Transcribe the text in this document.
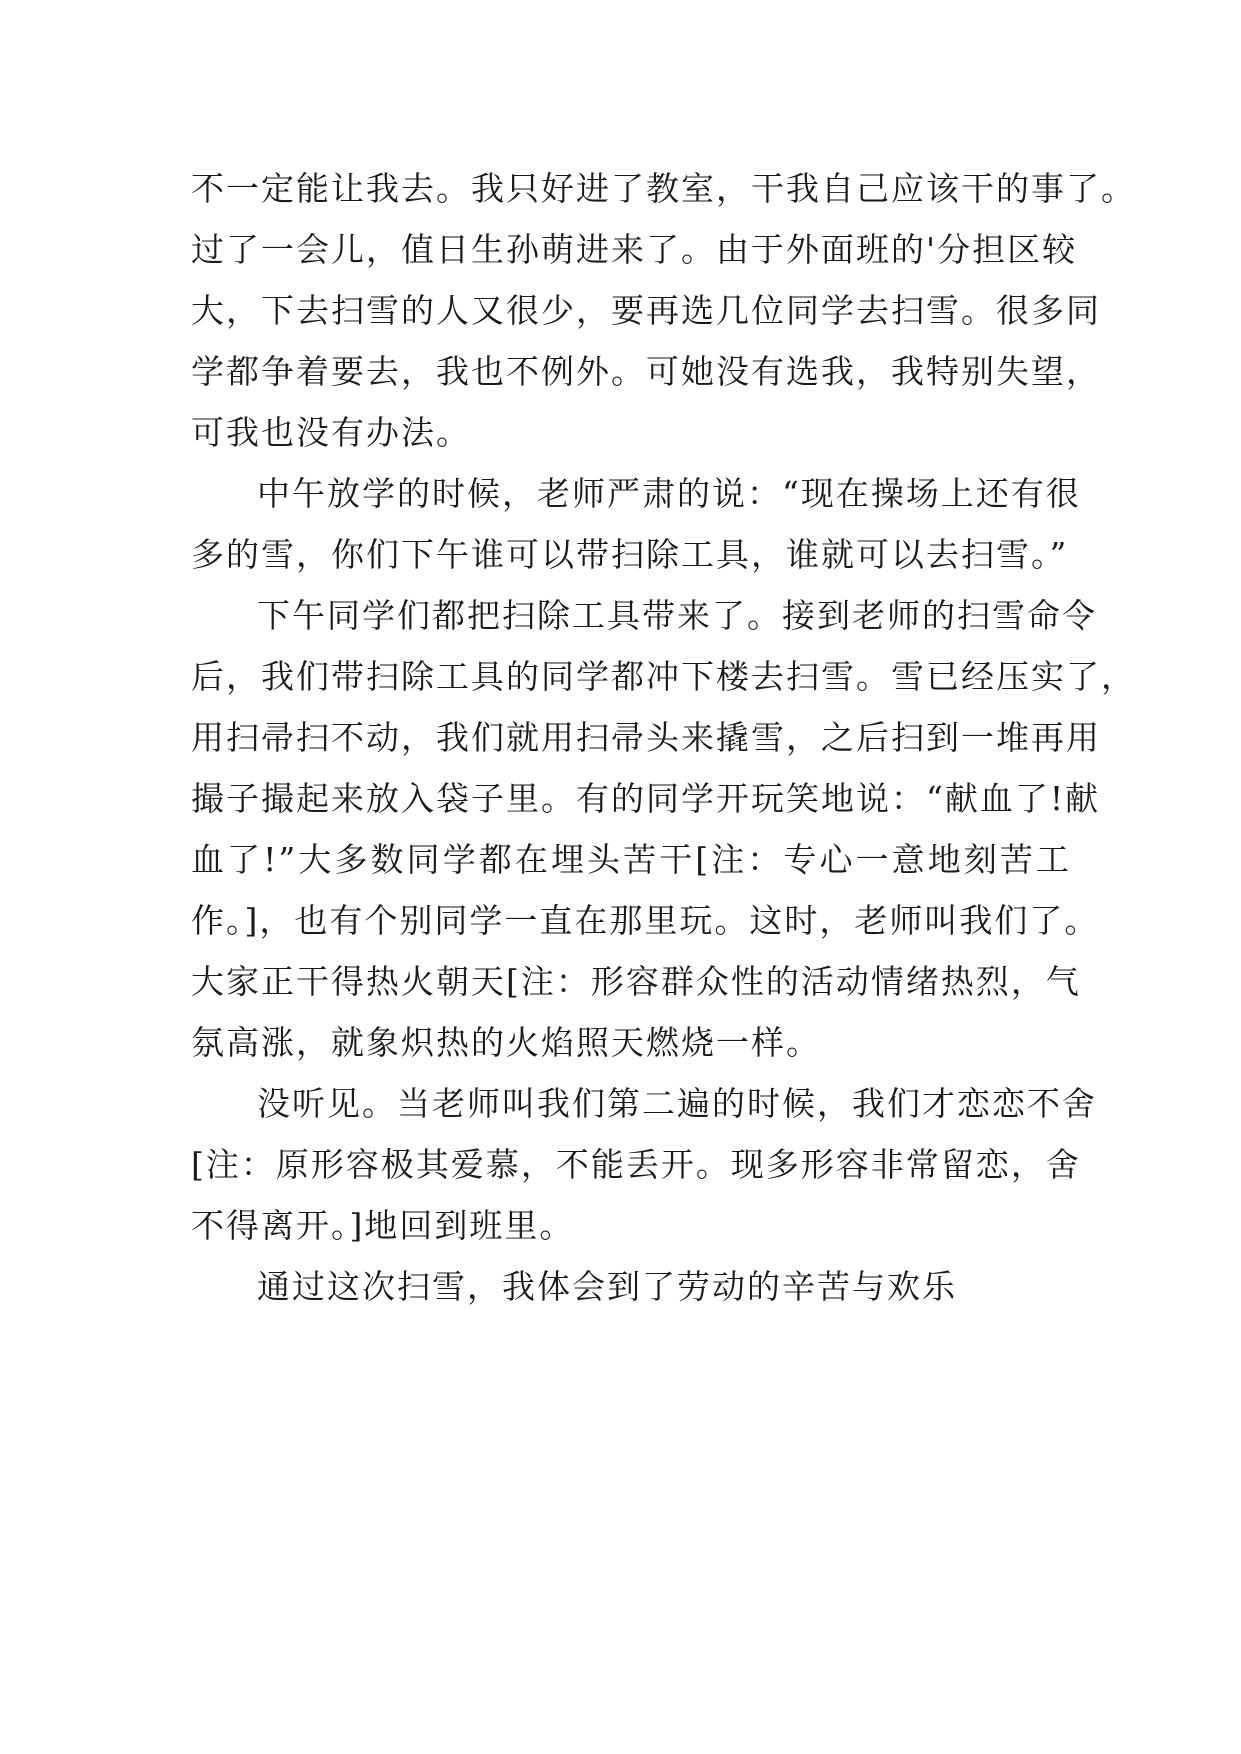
不一定能让我去。我只好进了教室，干我自己应该干的事了。
过了一会儿，值日生孙萌进来了。由于外面班的'分担区较
大，下去扫雪的人又很少，要再选几位同学去扫雪。很多同
学都争着要去，我也不例外。可她没有选我，我特别失望，
可我也没有办法。
中午放学的时候，老师严肃的说：“现在操场上还有很
多的雪，你们下午谁可以带扫除工具，谁就可以去扫雪。”
下午同学们都把扫除工具带来了。接到老师的扫雪命令
后，我们带扫除工具的同学都冲下楼去扫雪。雪已经压实了，
用扫帚扫不动，我们就用扫帚头来撬雪，之后扫到一堆再用
撮子撮起来放入袋子里。有的同学开玩笑地说：“献血了!献
血了!”大多数同学都在埋头苦干[注：专心一意地刻苦工
作。]，也有个别同学一直在那里玩。这时，老师叫我们了。
大家正干得热火朝天[注：形容群众性的活动情绪热烈，气
氛高涨，就象炽热的火焰照天燃烧一样。
没听见。当老师叫我们第二遍的时候，我们才恋恋不舍
[注：原形容极其爱慕，不能丢开。现多形容非常留恋，舍
不得离开。]地回到班里。
通过这次扫雪，我体会到了劳动的辛苦与欢乐
